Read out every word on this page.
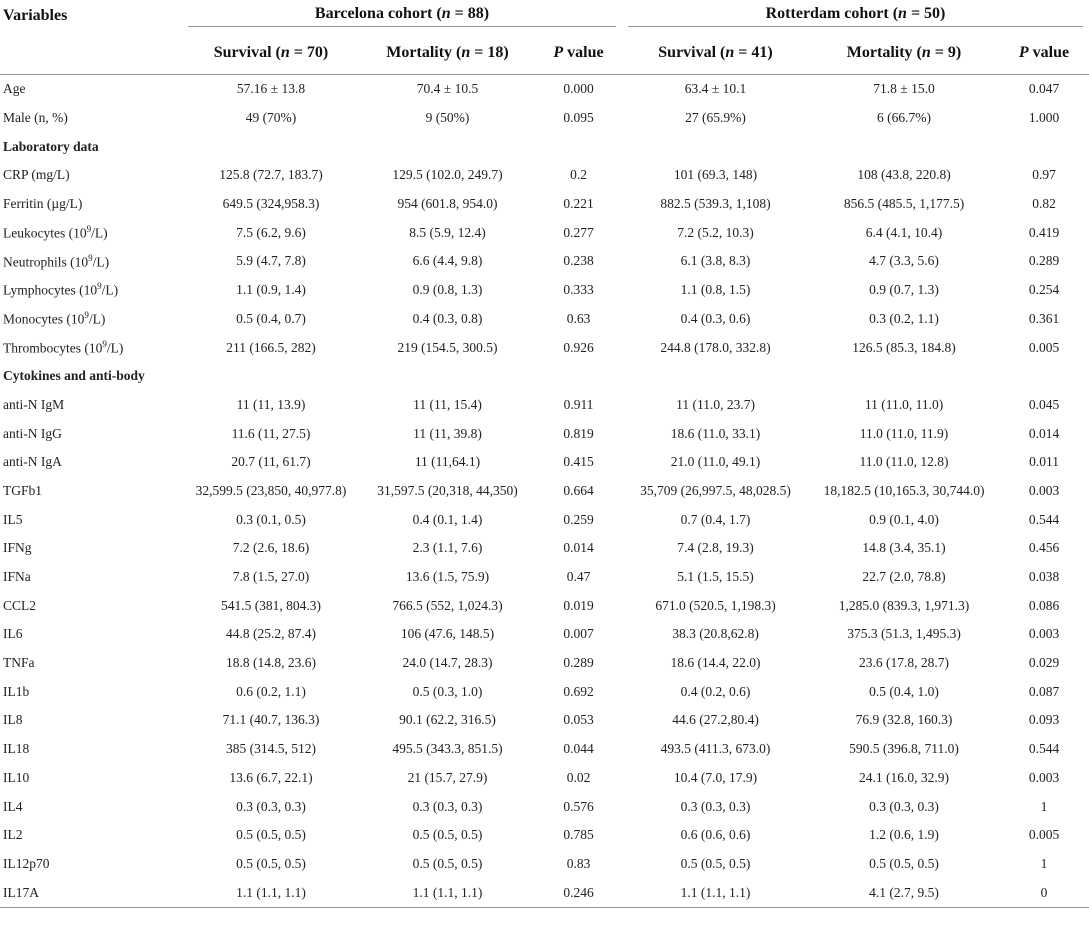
Variables	Barcelona cohort (n = 88)			Rotterdam cohort (n = 50)		

	Survival (n = 70)	Mortality (n = 18)	P value	Survival (n = 41)	Mortality (n = 9)	P value
Age	57.16 ± 13.8	70.4 ± 10.5	0.000	63.4 ± 10.1	71.8 ± 15.0	0.047
Male (n, %)	49 (70%)	9 (50%)	0.095	27 (65.9%)	6 (66.7%)	1.000
Laboratory data						
CRP (mg/L)	125.8 (72.7, 183.7)	129.5 (102.0, 249.7)	0.2	101 (69.3, 148)	108 (43.8, 220.8)	0.97
Ferritin (µg/L)	649.5 (324,958.3)	954 (601.8, 954.0)	0.221	882.5 (539.3, 1,108)	856.5 (485.5, 1,177.5)	0.82
Leukocytes $(10^9/L)$	7.5 (6.2, 9.6)	8.5 (5.9, 12.4)	0.277	7.2 (5.2, 10.3)	6.4 (4.1, 10.4)	0.419
Neutrophils $(10^9/L)$	5.9 (4.7, 7.8)	6.6 (4.4, 9.8)	0.238	6.1 (3.8, 8.3)	4.7 (3.3, 5.6)	0.289
Lymphocytes $(10^9/L)$	1.1 (0.9, 1.4)	0.9 (0.8, 1.3)	0.333	1.1 (0.8, 1.5)	0.9 (0.7, 1.3)	0.254
Monocytes $(10^9/L)$	0.5 (0.4, 0.7)	0.4 (0.3, 0.8)	0.63	0.4 (0.3, 0.6)	0.3 (0.2, 1.1)	0.361
Thrombocytes $(10^9/L)$	211 (166.5, 282)	219 (154.5, 300.5)	0.926	244.8 (178.0, 332.8)	126.5 (85.3, 184.8)	0.005
Cytokines and anti-body						
anti-N IgM	11 (11, 13.9)	11 (11, 15.4)	0.911	11 (11.0, 23.7)	11 (11.0, 11.0)	0.045
anti-N IgG	11.6 (11, 27.5)	11 (11, 39.8)	0.819	18.6 (11.0, 33.1)	11.0 (11.0, 11.9)	0.014
anti-N IgA	20.7 (11, 61.7)	11 (11,64.1)	0.415	21.0 (11.0, 49.1)	11.0 (11.0, 12.8)	0.011
TGFb1	32,599.5 (23,850, 40,977.8)	31,597.5 (20,318, 44,350)	0.664	35,709 (26,997.5, 48,028.5)	18,182.5 (10,165.3, 30,744.0)	0.003
IL5	0.3 (0.1, 0.5)	0.4 (0.1, 1.4)	0.259	0.7 (0.4, 1.7)	0.9 (0.1, 4.0)	0.544
IFNg	7.2 (2.6, 18.6)	2.3 (1.1, 7.6)	0.014	7.4 (2.8, 19.3)	14.8 (3.4, 35.1)	0.456
IFNa	7.8 (1.5, 27.0)	13.6 (1.5, 75.9)	0.47	5.1 (1.5, 15.5)	22.7 (2.0, 78.8)	0.038
CCL2	541.5 (381, 804.3)	766.5 (552, 1,024.3)	0.019	671.0 (520.5, 1,198.3)	1,285.0 (839.3, 1,971.3)	0.086
IL6	44.8 (25.2, 87.4)	106 (47.6, 148.5)	0.007	38.3 (20.8,62.8)	375.3 (51.3, 1,495.3)	0.003
TNFa	18.8 (14.8, 23.6)	24.0 (14.7, 28.3)	0.289	18.6 (14.4, 22.0)	23.6 (17.8, 28.7)	0.029
IL1b	0.6 (0.2, 1.1)	0.5 (0.3, 1.0)	0.692	0.4 (0.2, 0.6)	0.5 (0.4, 1.0)	0.087
IL8	71.1 (40.7, 136.3)	90.1 (62.2, 316.5)	0.053	44.6 (27.2,80.4)	76.9 (32.8, 160.3)	0.093
IL18	385 (314.5, 512)	495.5 (343.3, 851.5)	0.044	493.5 (411.3, 673.0)	590.5 (396.8, 711.0)	0.544
IL10	13.6 (6.7, 22.1)	21 (15.7, 27.9)	0.02	10.4 (7.0, 17.9)	24.1 (16.0, 32.9)	0.003
IL4	0.3 (0.3, 0.3)	0.3 (0.3, 0.3)	0.576	0.3 (0.3, 0.3)	0.3 (0.3, 0.3)	1
IL2	0.5 (0.5, 0.5)	0.5 (0.5, 0.5)	0.785	0.6 (0.6, 0.6)	1.2 (0.6, 1.9)	0.005
IL12p70	0.5 (0.5, 0.5)	0.5 (0.5, 0.5)	0.83	0.5 (0.5, 0.5)	0.5 (0.5, 0.5)	1
IL17A	1.1 (1.1, 1.1)	1.1 (1.1, 1.1)	0.246	1.1 (1.1, 1.1)	4.1 (2.7, 9.5)	0
